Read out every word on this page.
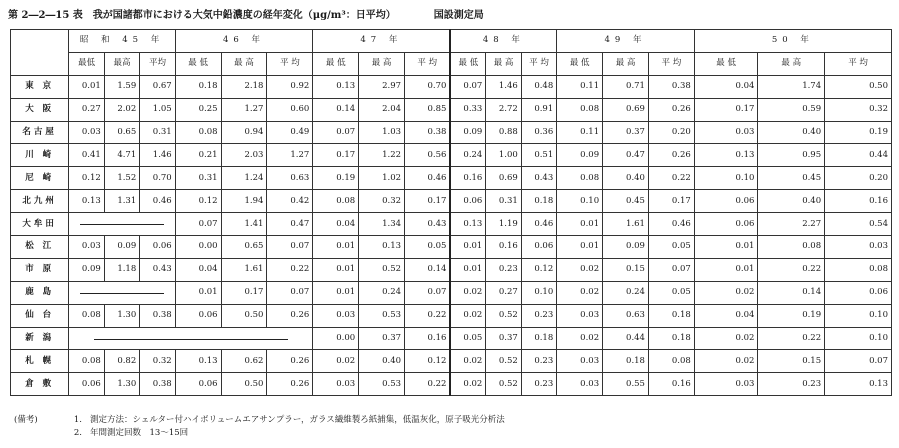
第 2―2―15 表　我が国諸都市における大気中鉛濃度の経年変化（μg/m³：日平均）	国設測定局
	昭 和 45 年			46 年			47 年			48 年			49 年			50 年		
	最低	最高	平均	最 低	最 高	平 均	最 低	最 高	平 均	最 低	最 高	平 均	最 低	最 高	平 均	最 低	最 高	平 均
東 京	0.01	1.59	0.67	0.18	2.18	0.92	0.13	2.97	0.70	0.07	1.46	0.48	0.11	0.71	0.38	0.04	1.74	0.50
大 阪	0.27	2.02	1.05	0.25	1.27	0.60	0.14	2.04	0.85	0.33	2.72	0.91	0.08	0.69	0.26	0.17	0.59	0.32
名古屋	0.03	0.65	0.31	0.08	0.94	0.49	0.07	1.03	0.38	0.09	0.88	0.36	0.11	0.37	0.20	0.03	0.40	0.19
川 崎	0.41	4.71	1.46	0.21	2.03	1.27	0.17	1.22	0.56	0.24	1.00	0.51	0.09	0.47	0.26	0.13	0.95	0.44
尼 崎	0.12	1.52	0.70	0.31	1.24	0.63	0.19	1.02	0.46	0.16	0.69	0.43	0.08	0.40	0.22	0.10	0.45	0.20
北九州	0.13	1.31	0.46	0.12	1.94	0.42	0.08	0.32	0.17	0.06	0.31	0.18	0.10	0.45	0.17	0.06	0.40	0.16
大牟田				0.07	1.41	0.47	0.04	1.34	0.43	0.13	1.19	0.46	0.01	1.61	0.46	0.06	2.27	0.54
松 江	0.03	0.09	0.06	0.00	0.65	0.07	0.01	0.13	0.05	0.01	0.16	0.06	0.01	0.09	0.05	0.01	0.08	0.03
市 原	0.09	1.18	0.43	0.04	1.61	0.22	0.01	0.52	0.14	0.01	0.23	0.12	0.02	0.15	0.07	0.01	0.22	0.08
鹿 島				0.01	0.17	0.07	0.01	0.24	0.07	0.02	0.27	0.10	0.02	0.24	0.05	0.02	0.14	0.06
仙 台	0.08	1.30	0.38	0.06	0.50	0.26	0.03	0.53	0.22	0.02	0.52	0.23	0.03	0.63	0.18	0.04	0.19	0.10
新 潟							0.00	0.37	0.16	0.05	0.37	0.18	0.02	0.44	0.18	0.02	0.22	0.10
札 幌	0.08	0.82	0.32	0.13	0.62	0.26	0.02	0.40	0.12	0.02	0.52	0.23	0.03	0.18	0.08	0.02	0.15	0.07
倉 敷	0.06	1.30	0.38	0.06	0.50	0.26	0.03	0.53	0.22	0.02	0.52	0.23	0.03	0.55	0.16	0.03	0.23	0.13
(備考)	1. 測定方法：シェルター付ハイボリュームエアサンプラー，ガラス繊維製ろ紙捕集，低温灰化，原子吸光分析法
2. 年間測定回数　13～15回
